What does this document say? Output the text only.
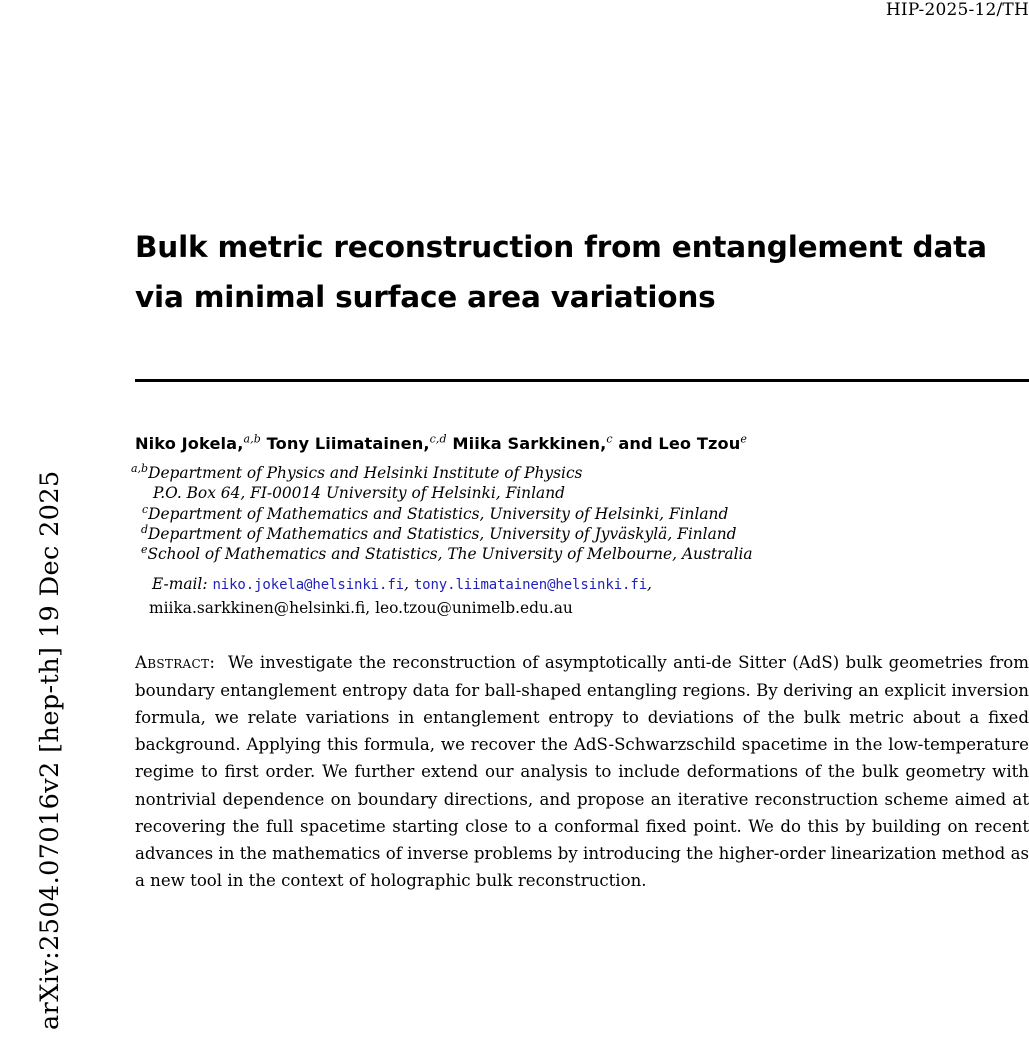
arXiv:2504.07016v2 [hep-th] 19 Dec 2025
HIP-2025-12/TH
Bulk metric reconstruction from entanglement data via minimal surface area variations
Niko Jokela,$^{a,b}$ Tony Liimatainen,$^{c,d}$ Miika Sarkkinen,$^c$ and Leo Tzou$^e$
$^{a,b}$Department of Physics and Helsinki Institute of Physics
P.O. Box 64, FI-00014 University of Helsinki, Finland
$^c$Department of Mathematics and Statistics, University of Helsinki, Finland
$^d$Department of Mathematics and Statistics, University of Jyväskylä, Finland
$^e$School of Mathematics and Statistics, The University of Melbourne, Australia
E-mail: niko.jokela@helsinki.fi, tony.liimatainen@helsinki.fi,
miika.sarkkinen@helsinki.fi, leo.tzou@unimelb.edu.au
Abstract: We investigate the reconstruction of asymptotically anti-de Sitter (AdS) bulk geometries from boundary entanglement entropy data for ball-shaped entangling regions. By deriving an explicit inversion formula, we relate variations in entanglement entropy to deviations of the bulk metric about a fixed background. Applying this formula, we recover the AdS-Schwarzschild spacetime in the low-temperature regime to first order. We further extend our analysis to include deformations of the bulk geometry with nontrivial dependence on boundary directions, and propose an iterative reconstruction scheme aimed at recovering the full spacetime starting close to a conformal fixed point. We do this by building on recent advances in the mathematics of inverse problems by introducing the higher-order linearization method as a new tool in the context of holographic bulk reconstruction.
